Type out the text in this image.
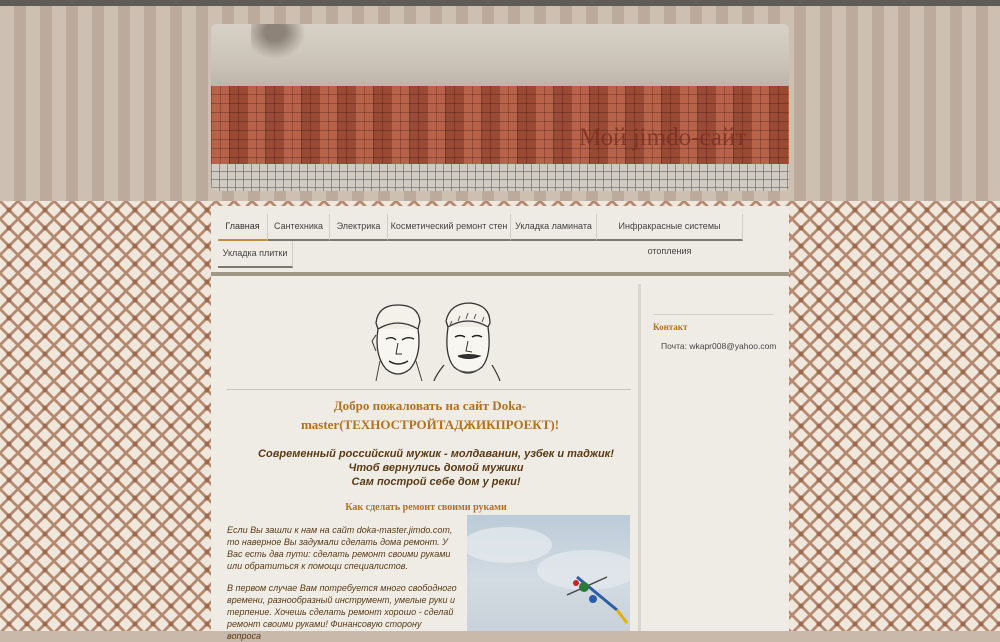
Мой jimdo-сайт
Главная	Сантехника	Электрика	Косметический ремонт стен Укладка ламината	Инфракрасные системы отопления
Укладка плитки
Добро пожаловать на сайт Doka-master(ТЕХНОСТРОЙТАДЖИКПРОЕКТ)!
Современный российский мужик - молдаванин, узбек и таджик!
Чтоб вернулись домой мужики
Сам построй себе дом у реки!
Как сделать ремонт своими руками
Если Вы зашли к нам на сайт doka-master.jimdo.com, то наверное Вы задумали сделать дома ремонт. У Вас есть два пути: сделать ремонт своими руками или обратиться к помощи специалистов.
В первом случае Вам потребуется много свободного времени, разнообразный инструмент, умелые руки и терпение. Хочешь сделать ремонт хорошо - сделай ремонт своими руками! Финансовую сторону вопроса
Контакт
Почта: wkapr008@yahoo.com
